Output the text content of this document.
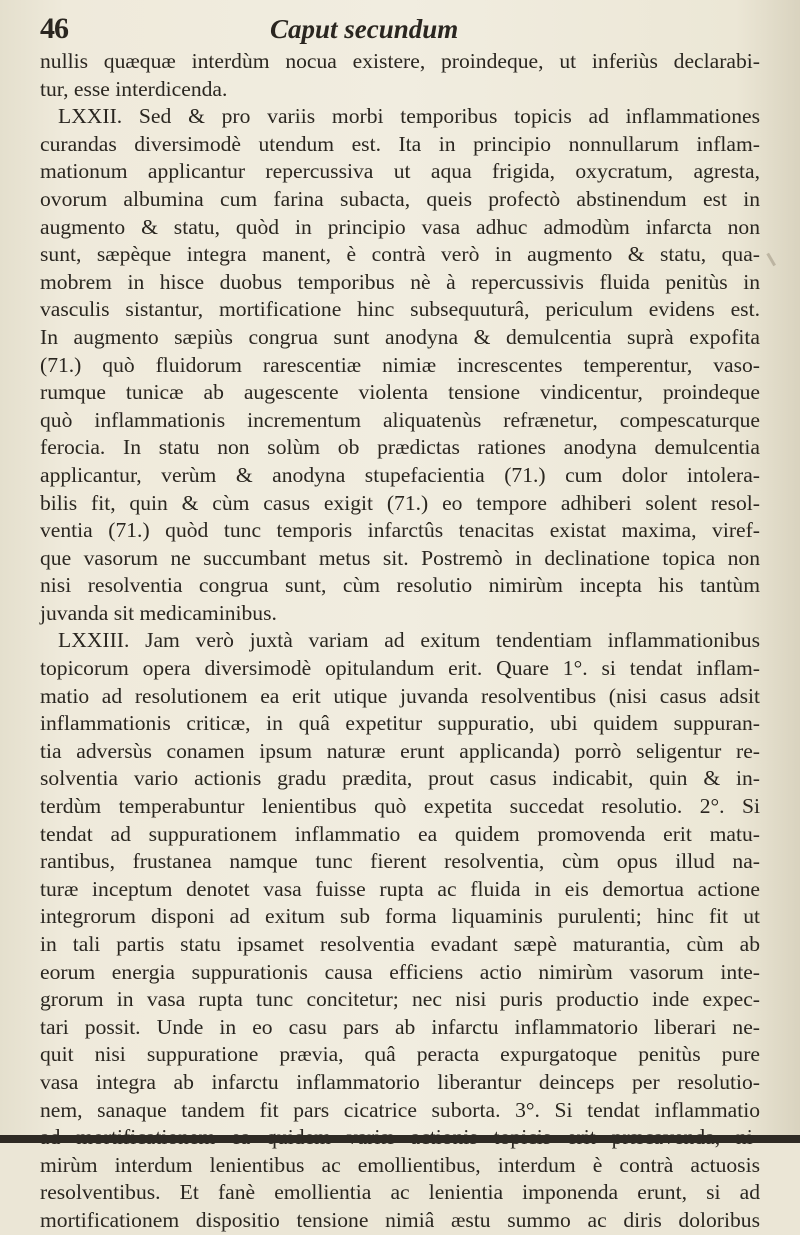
46	Caput secundum
nullis quæquæ interdùm nocua existere, proindeque, ut inferiùs declarabi-
tur, esse interdicenda.
LXXII. Sed & pro variis morbi temporibus topicis ad inflammationes
curandas diversimodè utendum est. Ita in principio nonnullarum inflam-
mationum applicantur repercussiva ut aqua frigida, oxycratum, agresta,
ovorum albumina cum farina subacta, queis profectò abstinendum est in
augmento & statu, quòd in principio vasa adhuc admodùm infarcta non
sunt, sæpèque integra manent, è contrà verò in augmento & statu, qua-
mobrem in hisce duobus temporibus nè à repercussivis fluida penitùs in
vasculis sistantur, mortificatione hinc subsequuturâ, periculum evidens est.
In augmento sæpiùs congrua sunt anodyna & demulcentia suprà expofita
(71.) quò fluidorum rarescentiæ nimiæ increscentes temperentur, vaso-
rumque tunicæ ab augescente violenta tensione vindicentur, proindeque
quò inflammationis incrementum aliquatenùs refrænetur, compescaturque
ferocia. In statu non solùm ob prædictas rationes anodyna demulcentia
applicantur, verùm & anodyna stupefacientia (71.) cum dolor intolera-
bilis fit, quin & cùm casus exigit (71.) eo tempore adhiberi solent resol-
ventia (71.) quòd tunc temporis infarctûs tenacitas existat maxima, viref-
que vasorum ne succumbant metus sit. Postremò in declinatione topica non
nisi resolventia congrua sunt, cùm resolutio nimirùm incepta his tantùm
juvanda sit medicaminibus.
LXXIII. Jam verò juxtà variam ad exitum tendentiam inflammationibus
topicorum opera diversimodè opitulandum erit. Quare 1°. si tendat inflam-
matio ad resolutionem ea erit utique juvanda resolventibus (nisi casus adsit
inflammationis criticæ, in quâ expetitur suppuratio, ubi quidem suppuran-
tia adversùs conamen ipsum naturæ erunt applicanda) porrò seligentur re-
solventia vario actionis gradu prædita, prout casus indicabit, quin & in-
terdùm temperabuntur lenientibus quò expetita succedat resolutio. 2°. Si
tendat ad suppurationem inflammatio ea quidem promovenda erit matu-
rantibus, frustanea namque tunc fierent resolventia, cùm opus illud na-
turæ inceptum denotet vasa fuisse rupta ac fluida in eis demortua actione
integrorum disponi ad exitum sub forma liquaminis purulenti; hinc fit ut
in tali partis statu ipsamet resolventia evadant sæpè maturantia, cùm ab
eorum energia suppurationis causa efficiens actio nimirùm vasorum inte-
grorum in vasa rupta tunc concitetur; nec nisi puris productio inde expec-
tari possit. Unde in eo casu pars ab infarctu inflammatorio liberari ne-
quit nisi suppuratione prævia, quâ peracta expurgatoque penitùs pure
vasa integra ab infarctu inflammatorio liberantur deinceps per resolutio-
nem, sanaque tandem fit pars cicatrice suborta. 3°. Si tendat inflammatio
mirùm interdum lenientibus ac emollientibus, interdum è contrà actuosis
resolventibus. Et fanè emollientia ac lenientia imponenda erunt, si ad
mortificationem dispositio tensione nimiâ æstu summo ac diris doloribus
